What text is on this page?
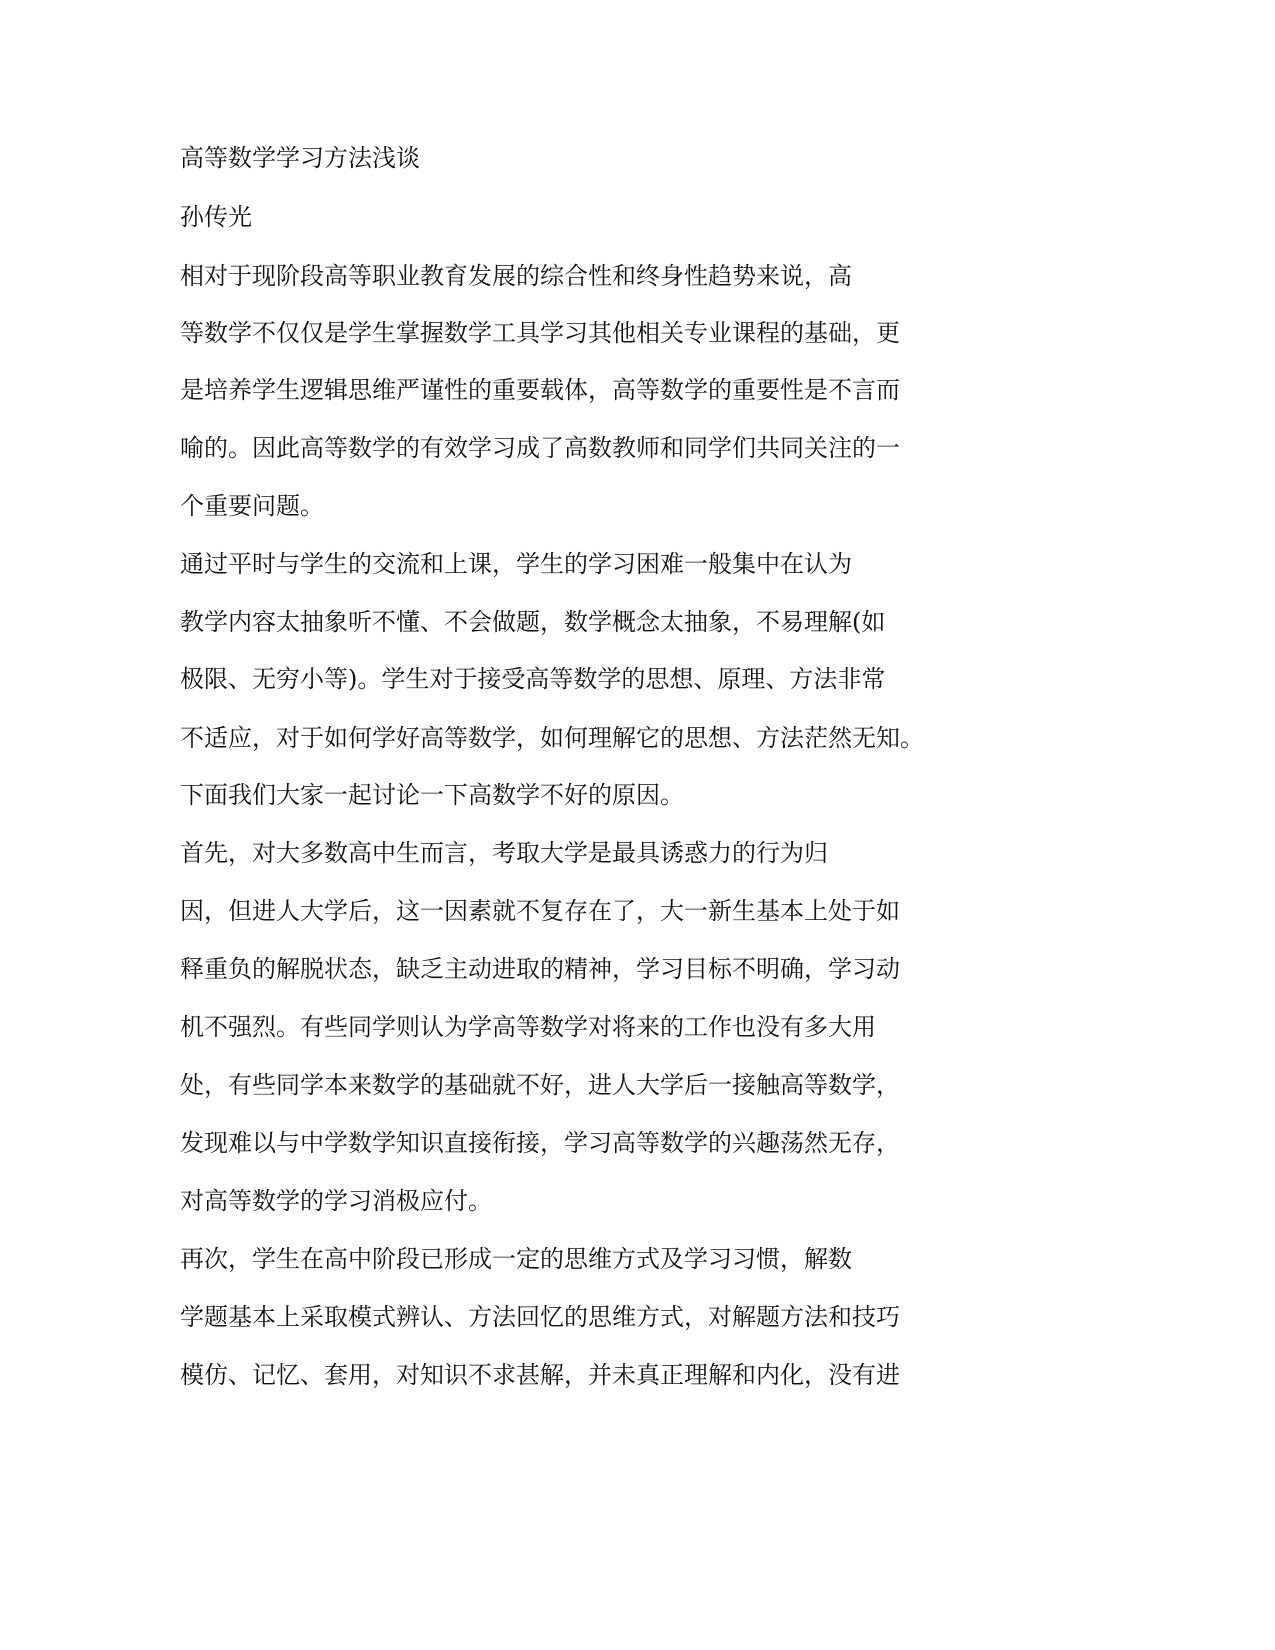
高等数学学习方法浅谈

孙传光

相对于现阶段高等职业教育发展的综合性和终身性趋势来说，高

等数学不仅仅是学生掌握数学工具学习其他相关专业课程的基础，更

是培养学生逻辑思维严谨性的重要载体，高等数学的重要性是不言而

喻的。因此高等数学的有效学习成了高数教师和同学们共同关注的一

个重要问题。

通过平时与学生的交流和上课，学生的学习困难一般集中在认为

教学内容太抽象听不懂、不会做题，数学概念太抽象，不易理解(如

极限、无穷小等)。学生对于接受高等数学的思想、原理、方法非常

不适应，对于如何学好高等数学，如何理解它的思想、方法茫然无知。

下面我们大家一起讨论一下高数学不好的原因。

首先，对大多数高中生而言，考取大学是最具诱惑力的行为归

因，但进人大学后，这一因素就不复存在了，大一新生基本上处于如

释重负的解脱状态，缺乏主动进取的精神，学习目标不明确，学习动

机不强烈。有些同学则认为学高等数学对将来的工作也没有多大用

处，有些同学本来数学的基础就不好，进人大学后一接触高等数学，

发现难以与中学数学知识直接衔接，学习高等数学的兴趣荡然无存，

对高等数学的学习消极应付。

再次，学生在高中阶段已形成一定的思维方式及学习习惯，解数

学题基本上采取模式辨认、方法回忆的思维方式，对解题方法和技巧

模仿、记忆、套用，对知识不求甚解，并未真正理解和内化，没有进
